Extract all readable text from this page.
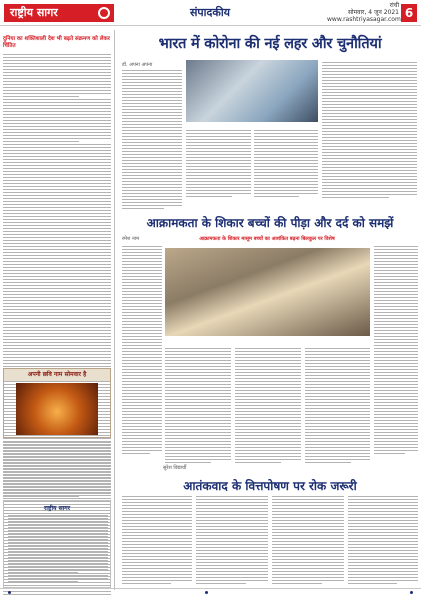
राष्ट्रीय सागर	संपादकीय
रांची
सोमवार, 4 जून 2021
www.rashtriyasagar.com 6
दुनिया का शक्तिशाली देश भी बढ़ते संक्रमण को लेकर चिंतित
अपनी छवि नाम सोमवार है
राष्ट्रीय सागर
भारत में कोरोना की नई लहर और चुनौतियां
डॉ. अपना अपना
आक्रामकता के शिकार बच्चों की पीड़ा और दर्द को समझें
रमेश नाम	आक्रामकता के शिकार मासूम बच्चों का आशंकित बढ़ना बिलकुल पर विशेष
सुरेश विद्यार्थी
आतंकवाद के वित्तपोषण पर रोक जरूरी
